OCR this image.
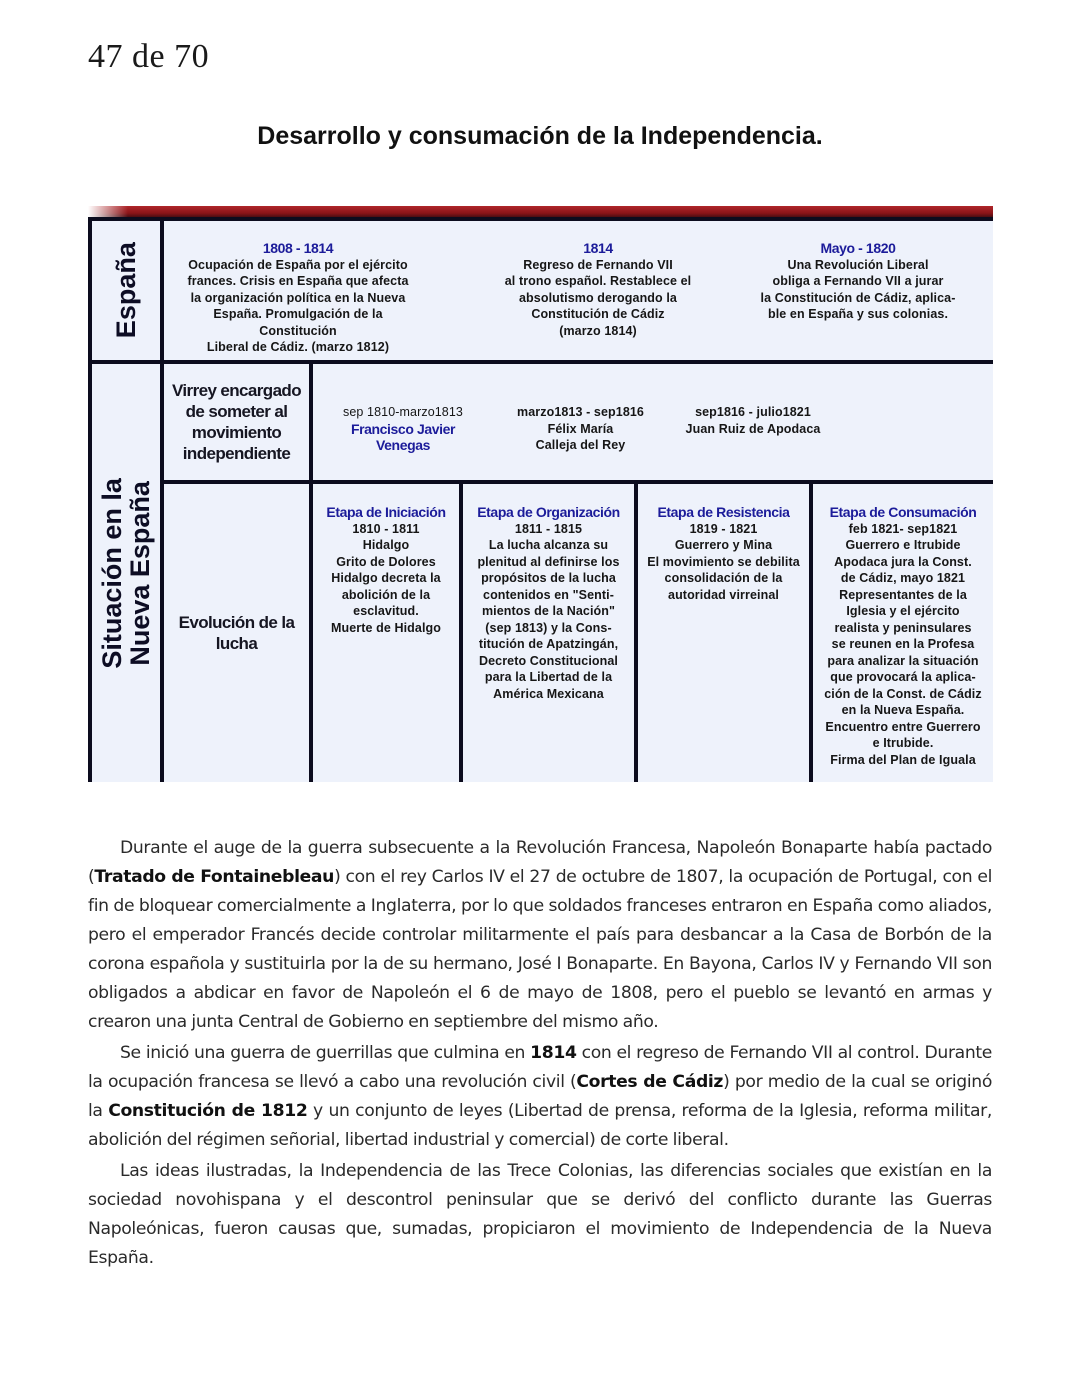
47 de 70
Desarrollo y consumación de la Independencia.
España
Situación en la
Nueva España
1808 - 1814
Ocupación de España por el ejército
frances. Crisis en España que afecta
la organización política en la Nueva
España. Promulgación de la Constitución
Liberal de Cádiz. (marzo 1812)
1814
Regreso de Fernando VII
al trono español. Restablece el
absolutismo derogando la
Constitución de Cádiz
(marzo 1814)
Mayo - 1820
Una Revolución Liberal
obliga a Fernando VII a jurar
la Constitución de Cádiz, aplica-
ble en España y sus colonias.
Virrey encargado
de someter al
movimiento
independiente
sep 1810-marzo1813
Francisco Javier
Venegas
marzo1813 - sep1816
Félix María
Calleja del Rey
sep1816 - julio1821
Juan Ruiz de Apodaca
Evolución de la
lucha
Etapa de Iniciación
1810 - 1811
Hidalgo
Grito de Dolores
Hidalgo decreta la
abolición de la
esclavitud.
Muerte de Hidalgo
Etapa de Organización
1811 - 1815
La lucha alcanza su
plenitud al definirse los
propósitos de la lucha
contenidos en "Senti-
mientos de la Nación"
(sep 1813) y la Cons-
titución de Apatzingán,
Decreto Constitucional
para la Libertad de la
América Mexicana
Etapa de Resistencia
1819 - 1821
Guerrero y Mina
El movimiento se debilita
consolidación de la
autoridad virreinal
Etapa de Consumación
feb 1821- sep1821
Guerrero e Itrubide
Apodaca jura la Const.
de Cádiz, mayo 1821
Representantes de la
Iglesia y el ejército
realista y peninsulares
se reunen en la Profesa
para analizar la situación
que provocará la aplica-
ción de la Const. de Cádiz
en la Nueva España.
Encuentro entre Guerrero
e Itrubide.
Firma del Plan de Iguala

Durante el auge de la guerra subsecuente a la Revolución Francesa, Napoleón Bonaparte había pactado (Tratado de Fontainebleau) con el rey Carlos IV el 27 de octubre de 1807, la ocupación de Portugal, con el fin de bloquear comercialmente a Inglaterra, por lo que soldados franceses entraron en España como aliados, pero el emperador Francés decide controlar militarmente el país para desbancar a la Casa de Borbón de la corona española y sustituirla por la de su hermano, José I Bonaparte. En Bayona, Carlos IV y Fernando VII son obligados a abdicar en favor de Napoleón el 6 de mayo de 1808, pero el pueblo se levantó en armas y crearon una junta Central de Gobierno en septiembre del mismo año.

Se inició una guerra de guerrillas que culmina en 1814 con el regreso de Fernando VII al control. Durante la ocupación francesa se llevó a cabo una revolución civil (Cortes de Cádiz) por medio de la cual se originó la Constitución de 1812 y un conjunto de leyes (Libertad de prensa, reforma de la Iglesia, reforma militar, abolición del régimen señorial, libertad industrial y comercial) de corte liberal.

Las ideas ilustradas, la Independencia de las Trece Colonias, las diferencias sociales que existían en la sociedad novohispana y el descontrol peninsular que se derivó del conflicto durante las Guerras Napoleónicas, fueron causas que, sumadas, propiciaron el movimiento de Independencia de la Nueva España.
